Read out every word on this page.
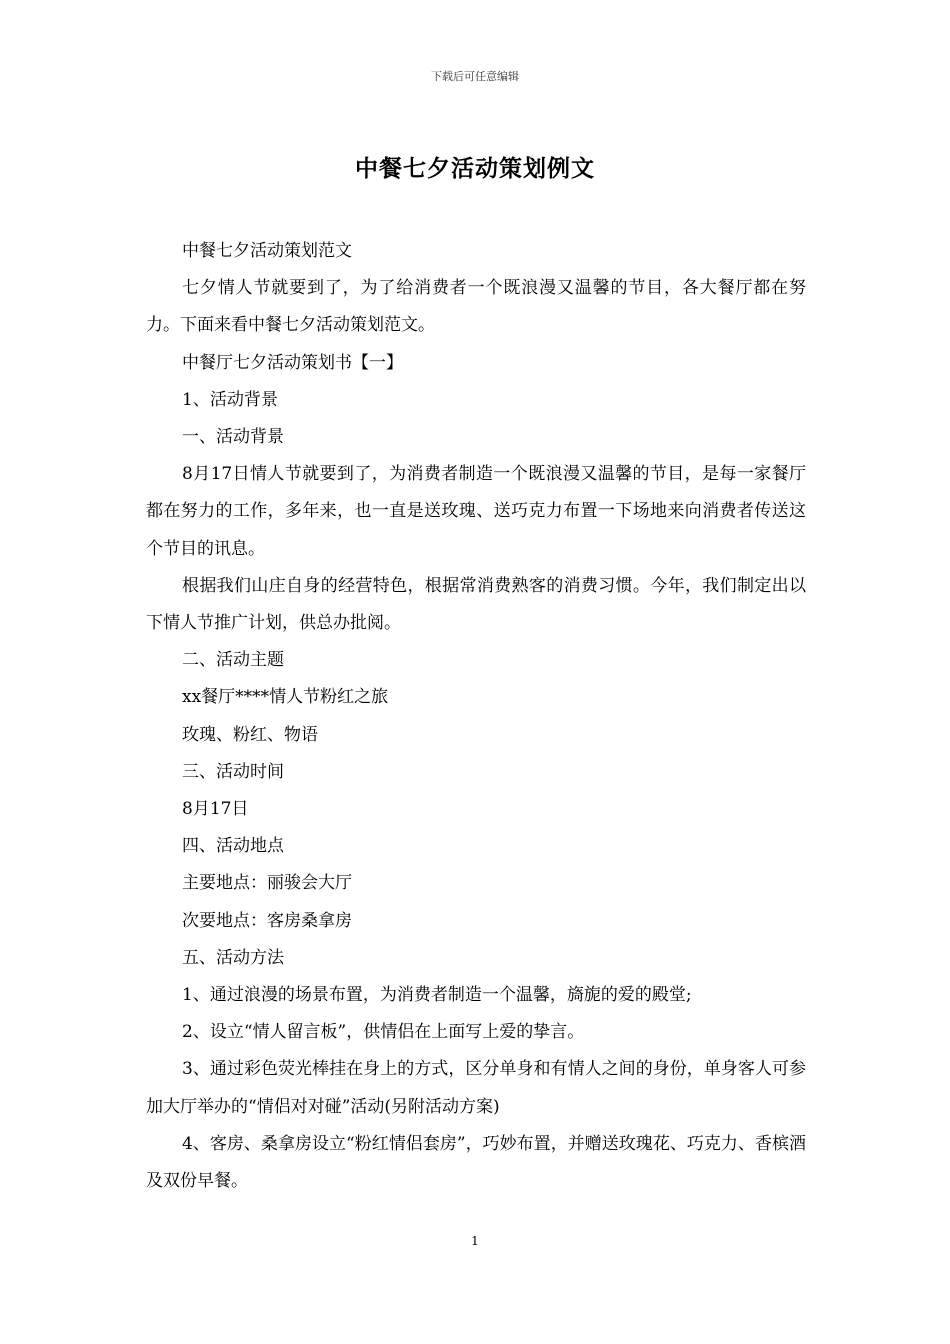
下载后可任意编辑
中餐七夕活动策划例文

中餐七夕活动策划范文

七夕情人节就要到了，为了给消费者一个既浪漫又温馨的节目，各大餐厅都在努力。下面来看中餐七夕活动策划范文。

中餐厅七夕活动策划书【一】

1、活动背景

一、活动背景

8月17日情人节就要到了，为消费者制造一个既浪漫又温馨的节目，是每一家餐厅都在努力的工作，多年来，也一直是送玫瑰、送巧克力布置一下场地来向消费者传送这个节目的讯息。

根据我们山庄自身的经营特色，根据常消费熟客的消费习惯。今年，我们制定出以下情人节推广计划，供总办批阅。

二、活动主题

xx餐厅****情人节粉红之旅

玫瑰、粉红、物语

三、活动时间

8月17日

四、活动地点

主要地点：丽骏会大厅

次要地点：客房桑拿房

五、活动方法

1、通过浪漫的场景布置，为消费者制造一个温馨，旖旎的爱的殿堂;

2、设立“情人留言板”，供情侣在上面写上爱的挚言。

3、通过彩色荧光棒挂在身上的方式，区分单身和有情人之间的身份，单身客人可参加大厅举办的“情侣对对碰”活动(另附活动方案)

4、客房、桑拿房设立“粉红情侣套房”，巧妙布置，并赠送玫瑰花、巧克力、香槟酒及双份早餐。

1
